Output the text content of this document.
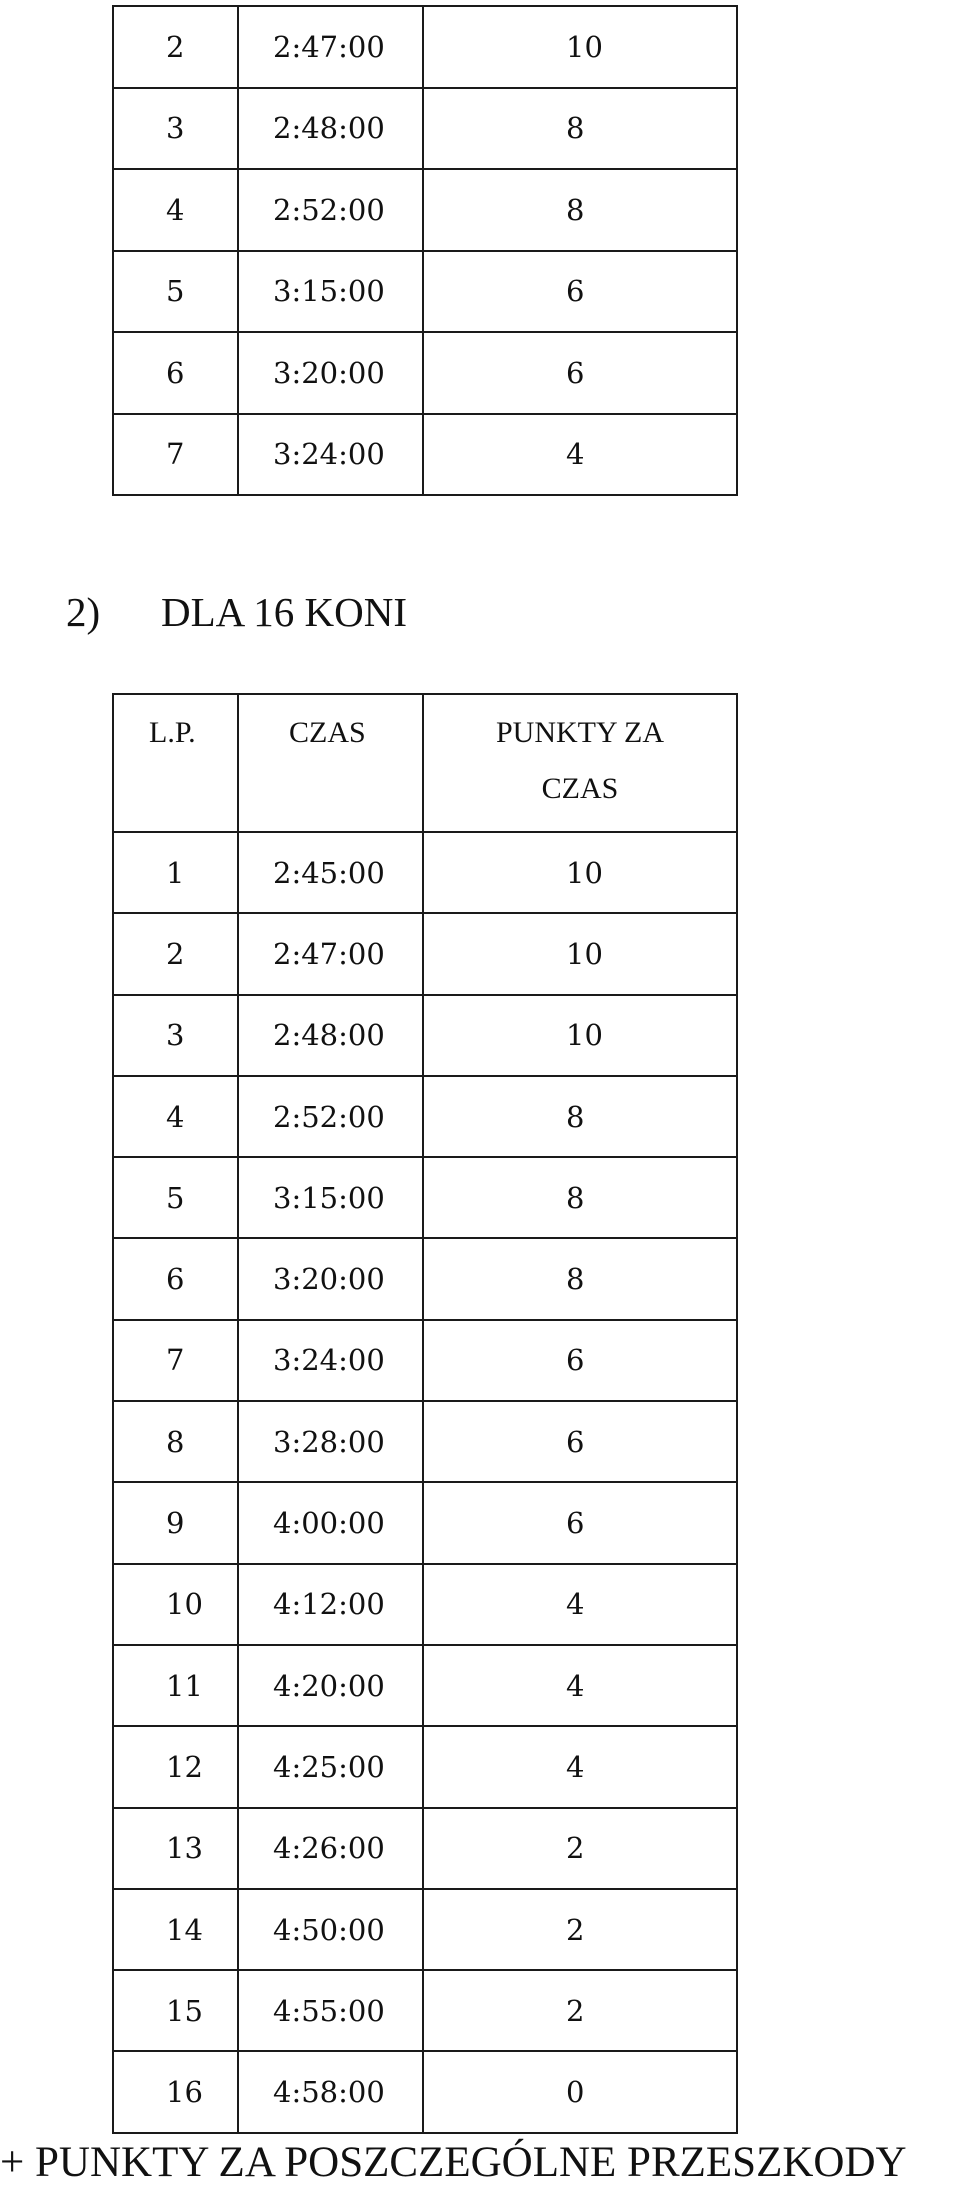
2	2:47:00	10
3	2:48:00	8
4	2:52:00	8
5	3:15:00	6
6	3:20:00	6
7	3:24:00	4
2) DLA 16 KONI
L.P.	CZAS	PUNKTY ZA CZAS
1	2:45:00	10
2	2:47:00	10
3	2:48:00	10
4	2:52:00	8
5	3:15:00	8
6	3:20:00	8
7	3:24:00	6
8	3:28:00	6
9	4:00:00	6
10	4:12:00	4
11	4:20:00	4
12	4:25:00	4
13	4:26:00	2
14	4:50:00	2
15	4:55:00	2
16	4:58:00	0

+ PUNKTY ZA POSZCZEGÓLNE PRZESZKODY
